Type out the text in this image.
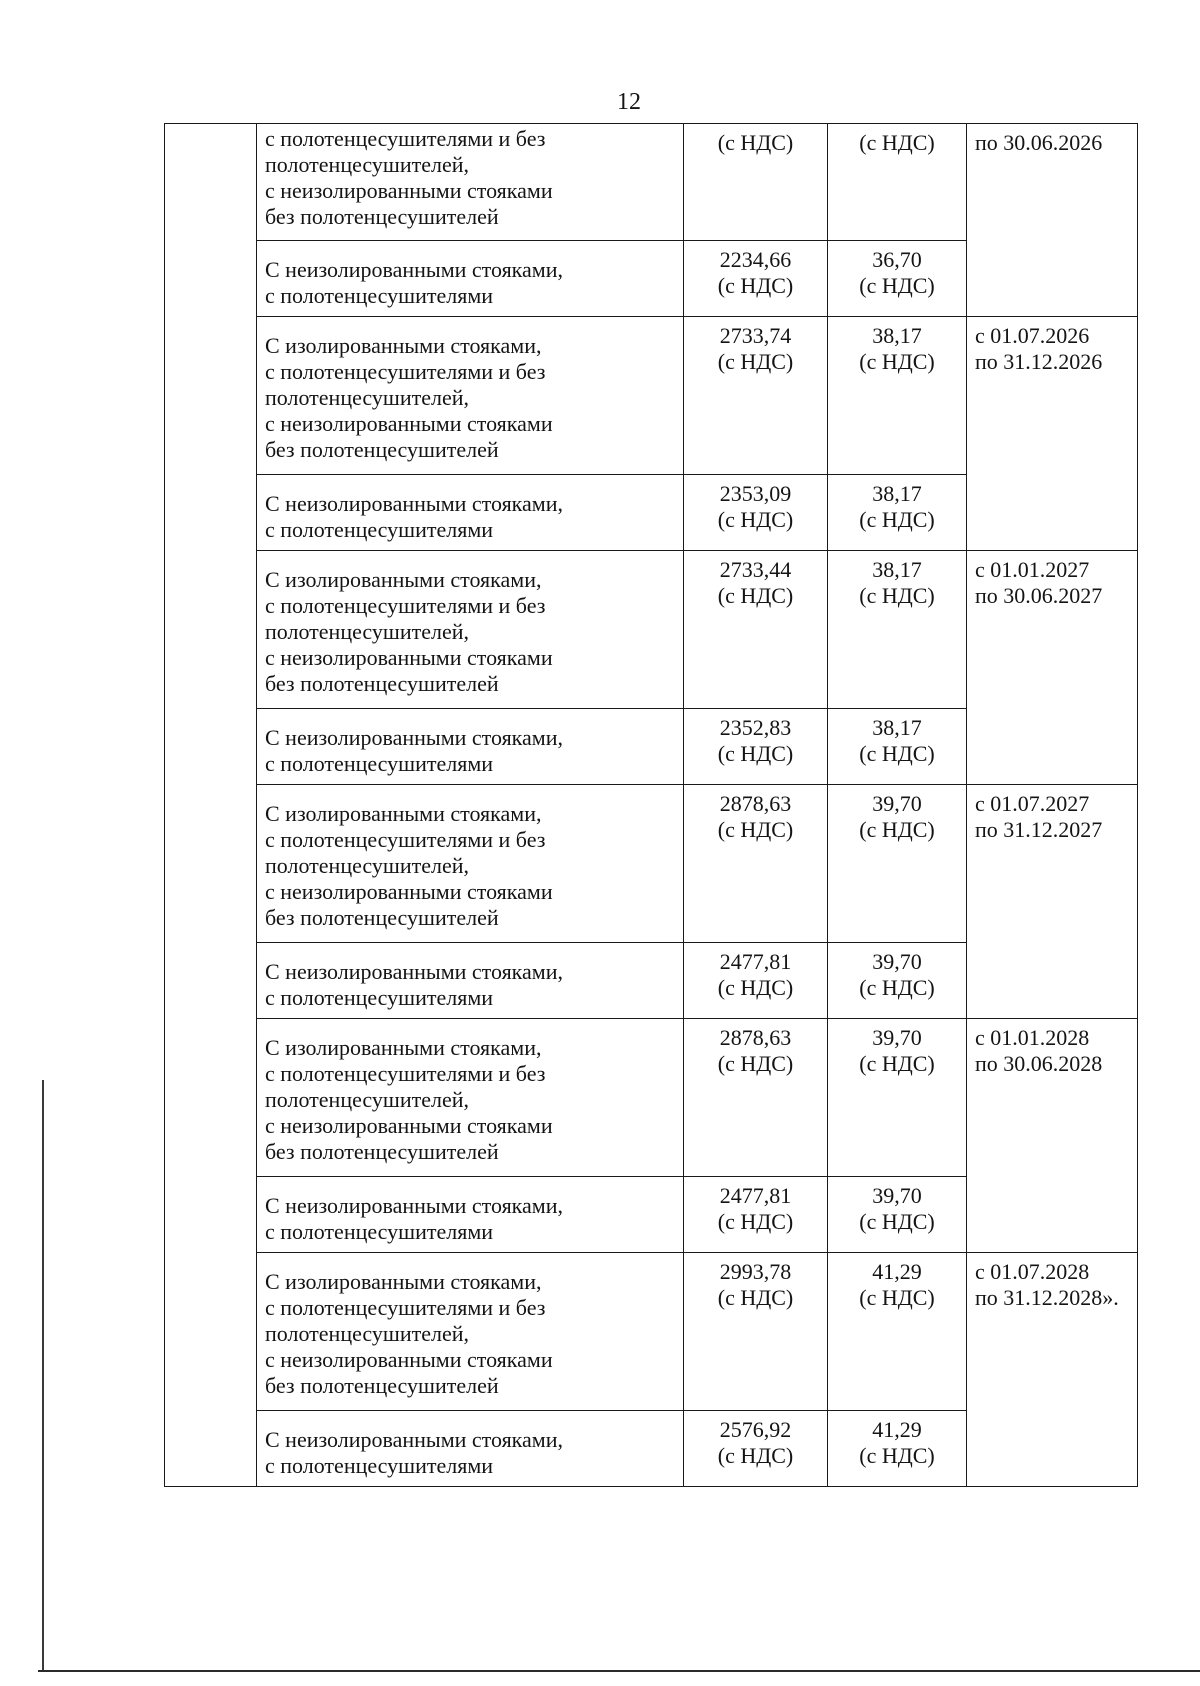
12
	с полотенцесушителями и без
полотенцесушителей,
с неизолированными стояками
без полотенцесушителей	(с НДС)	(с НДС)	по 30.06.2026
	С неизолированными стояками,
с полотенцесушителями	2234,66
(с НДС)	36,70
(с НДС)	
	С изолированными стояками,
с полотенцесушителями и без
полотенцесушителей,
с неизолированными стояками
без полотенцесушителей	2733,74
(с НДС)	38,17
(с НДС)	с 01.07.2026
по 31.12.2026
	С неизолированными стояками,
с полотенцесушителями	2353,09
(с НДС)	38,17
(с НДС)	
	С изолированными стояками,
с полотенцесушителями и без
полотенцесушителей,
с неизолированными стояками
без полотенцесушителей	2733,44
(с НДС)	38,17
(с НДС)	с 01.01.2027
по 30.06.2027
	С неизолированными стояками,
с полотенцесушителями	2352,83
(с НДС)	38,17
(с НДС)	
	С изолированными стояками,
с полотенцесушителями и без
полотенцесушителей,
с неизолированными стояками
без полотенцесушителей	2878,63
(с НДС)	39,70
(с НДС)	с 01.07.2027
по 31.12.2027
	С неизолированными стояками,
с полотенцесушителями	2477,81
(с НДС)	39,70
(с НДС)	
	С изолированными стояками,
с полотенцесушителями и без
полотенцесушителей,
с неизолированными стояками
без полотенцесушителей	2878,63
(с НДС)	39,70
(с НДС)	с 01.01.2028
по 30.06.2028
	С неизолированными стояками,
с полотенцесушителями	2477,81
(с НДС)	39,70
(с НДС)	
	С изолированными стояками,
с полотенцесушителями и без
полотенцесушителей,
с неизолированными стояками
без полотенцесушителей	2993,78
(с НДС)	41,29
(с НДС)	с 01.07.2028
по 31.12.2028».
	С неизолированными стояками,
с полотенцесушителями	2576,92
(с НДС)	41,29
(с НДС)	
